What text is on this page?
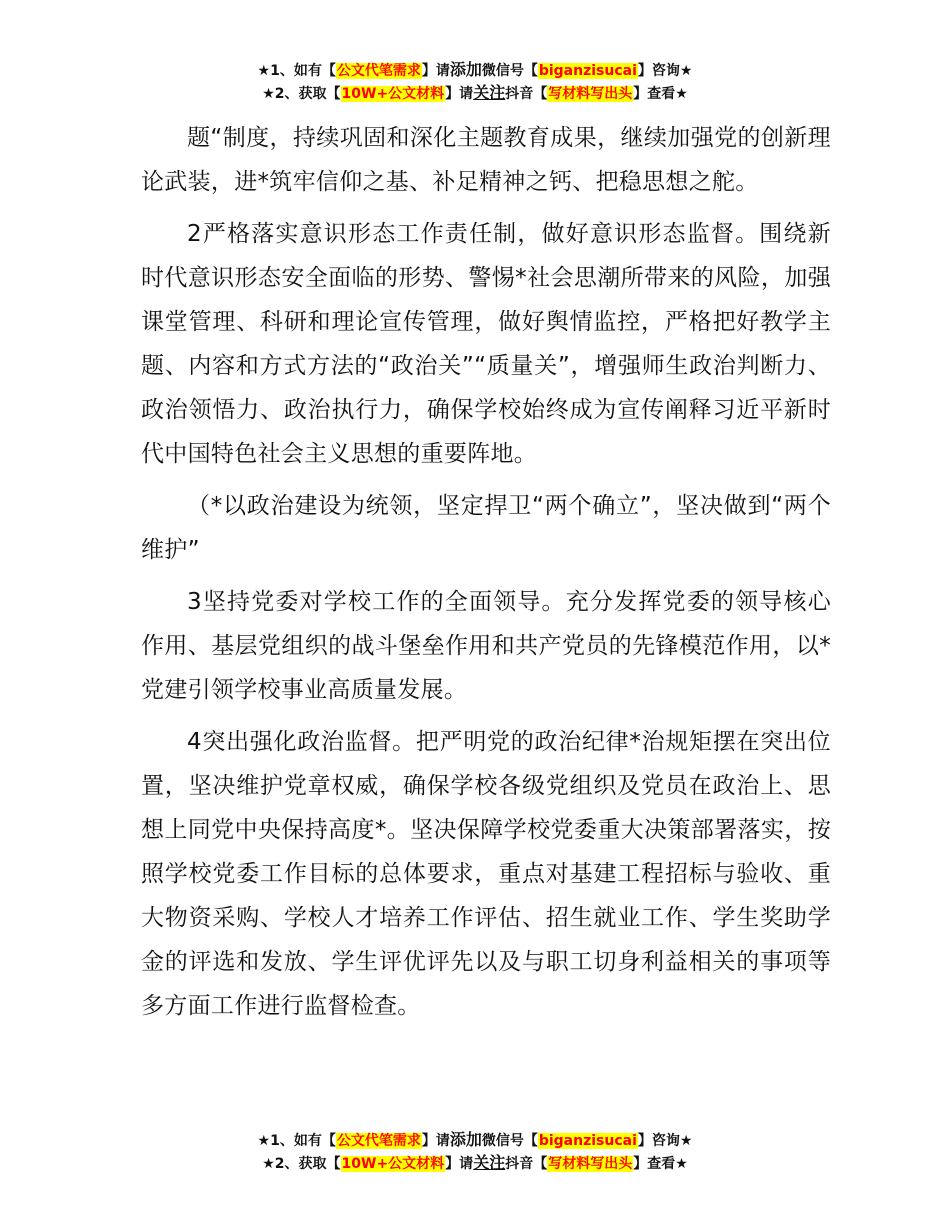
★1、如有【公文代笔需求】请添加微信号【biganzisucai】咨询★
★2、获取【10W+公文材料】请关注抖音【写材料写出头】查看★

题“制度，持续巩固和深化主题教育成果，继续加强党的创新理论武装，进*筑牢信仰之基、补足精神之钙、把稳思想之舵。

2严格落实意识形态工作责任制，做好意识形态监督。围绕新时代意识形态安全面临的形势、警惕*社会思潮所带来的风险，加强课堂管理、科研和理论宣传管理，做好舆情监控，严格把好教学主题、内容和方式方法的“政治关”“质量关”，增强师生政治判断力、政治领悟力、政治执行力，确保学校始终成为宣传阐释习近平新时代中国特色社会主义思想的重要阵地。

（*以政治建设为统领，坚定捍卫“两个确立”，坚决做到“两个维护”

3坚持党委对学校工作的全面领导。充分发挥党委的领导核心作用、基层党组织的战斗堡垒作用和共产党员的先锋模范作用，以*党建引领学校事业高质量发展。

4突出强化政治监督。把严明党的政治纪律*治规矩摆在突出位置，坚决维护党章权威，确保学校各级党组织及党员在政治上、思想上同党中央保持高度*。坚决保障学校党委重大决策部署落实，按照学校党委工作目标的总体要求，重点对基建工程招标与验收、重大物资采购、学校人才培养工作评估、招生就业工作、学生奖助学金的评选和发放、学生评优评先以及与职工切身利益相关的事项等多方面工作进行监督检查。

★1、如有【公文代笔需求】请添加微信号【biganzisucai】咨询★
★2、获取【10W+公文材料】请关注抖音【写材料写出头】查看★
